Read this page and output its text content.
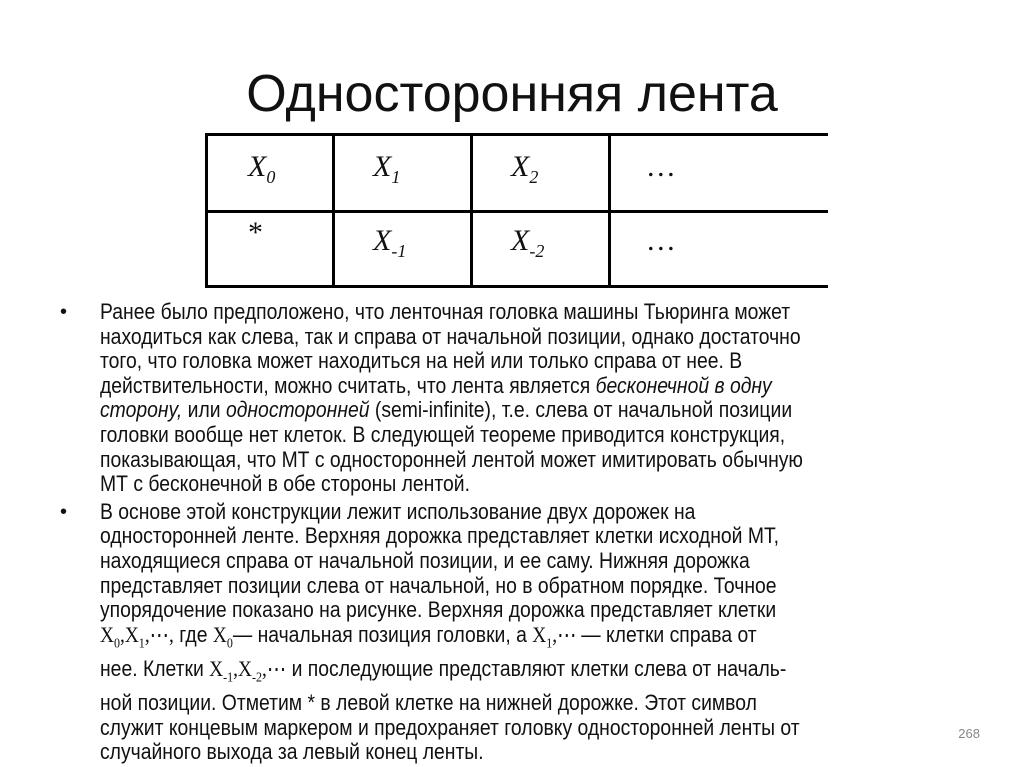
Односторонняя лента
$X_0$	$X_1$	$X_2$	…
*	$X_{-1}$	$X_{-2}$	…
• Ранее было предположено, что ленточная головка машины Тьюринга может
находиться как слева, так и справа от начальной позиции, однако достаточно
того, что головка может находиться на ней или только справа от нее. В
действительности, можно считать, что лента является бесконечной в одну
сторону, или односторонней (semi-infinite), т.е. слева от начальной позиции
головки вообще нет клеток. В следующей теореме приводится конструкция,
показывающая, что МТ с односторонней лентой может имитировать обычную
МТ с бесконечной в обе стороны лентой.
• В основе этой конструкции лежит использование двух дорожек на
односторонней ленте. Верхняя дорожка представляет клетки исходной МТ,
находящиеся справа от начальной позиции, и ее саму. Нижняя дорожка
представляет позиции слева от начальной, но в обратном порядке. Точное
упорядочение показано на рисунке. Верхняя дорожка представляет клетки
$X_0,X_1,\cdots$, где $X_0—$ начальная позиция головки, а $X_1,\cdots$ — клетки справа от
нее. Клетки $X_{-1},X_{-2},\cdots$ и последующие представляют клетки слева от началь-
ной позиции. Отметим * в левой клетке на нижней дорожке. Этот символ
служит концевым маркером и предохраняет головку односторонней ленты от
случайного выхода за левый конец ленты.
268
